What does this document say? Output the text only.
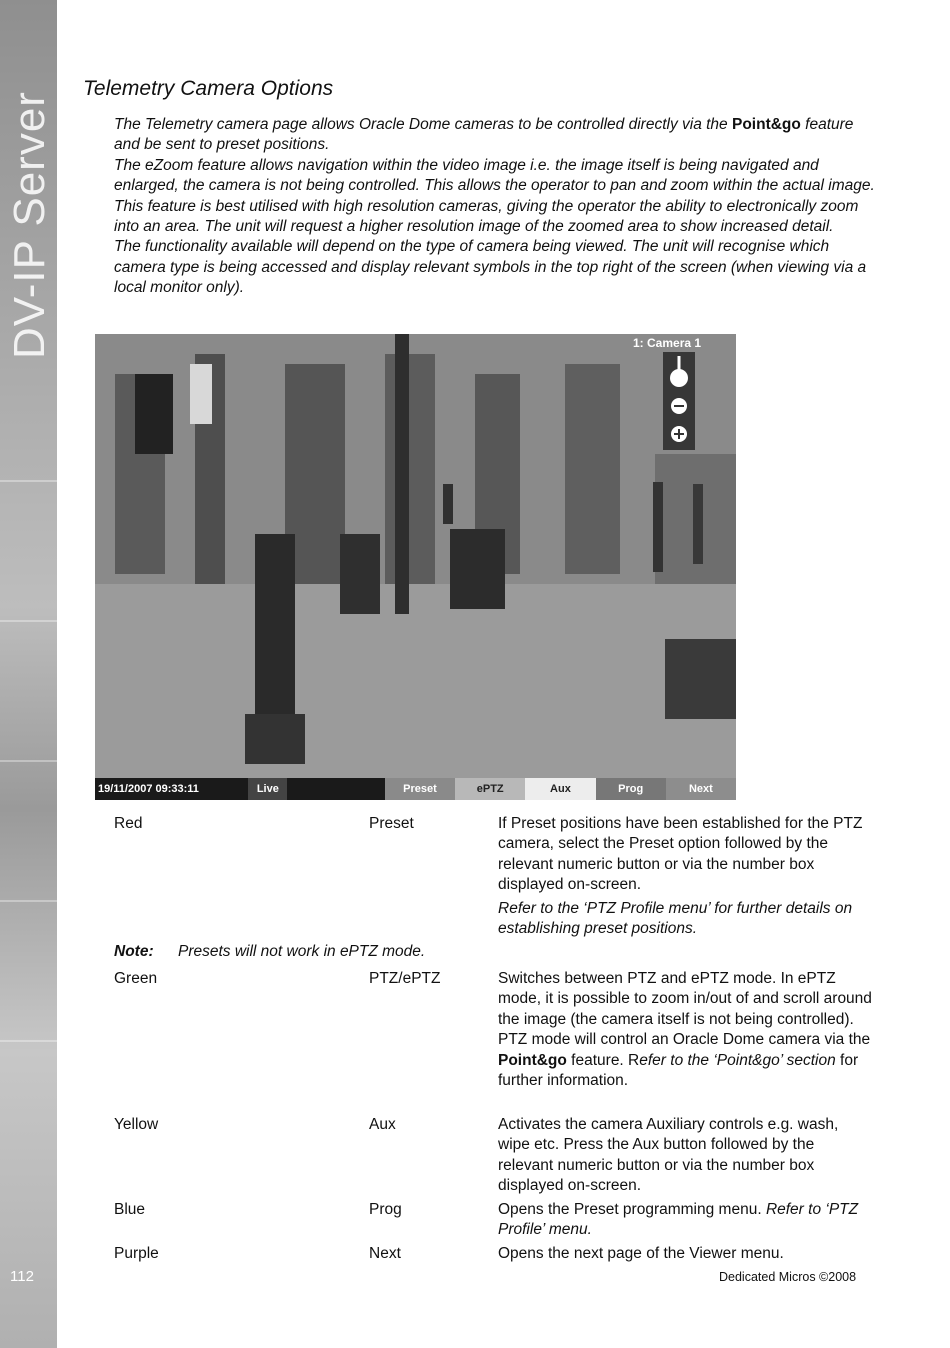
DV-IP Server
112
Telemetry Camera Options

The Telemetry camera page allows Oracle Dome cameras to be controlled directly via the Point&go feature and be sent to preset positions.

The eZoom feature allows navigation within the video image i.e. the image itself is being navigated and enlarged, the camera is not being controlled. This allows the operator to pan and zoom within the actual image. This feature is best utilised with high resolution cameras, giving the operator the ability to electronically zoom into an area. The unit will request a higher resolution image of the zoomed area to show increased detail.

The functionality available will depend on the type of camera being viewed. The unit will recognise which camera type is being accessed and display relevant symbols in the top right of the screen (when viewing via a local monitor only).

1: Camera 1
19/11/2007 09:33:11	Live	Preset	ePTZ	Aux	Prog	Next
Red	Preset	If Preset positions have been established for the PTZ camera, select the Preset option followed by the relevant numeric button or via the number box displayed on-screen.
Refer to the ‘PTZ Profile menu’ for further details on establishing preset positions.
Note: Presets will not work in ePTZ mode.
Green	PTZ/ePTZ	Switches between PTZ and ePTZ mode. In ePTZ mode, it is possible to zoom in/out of and scroll around the image (the camera itself is not being controlled).
PTZ mode will control an Oracle Dome camera via the Point&go feature. Refer to the ‘Point&go’ section for further information.
Yellow	Aux	Activates the camera Auxiliary controls e.g. wash, wipe etc. Press the Aux button followed by the relevant numeric button or via the number box displayed on-screen.
Blue	Prog	Opens the Preset programming menu. Refer to ‘PTZ Profile’ menu.
Purple	Next	Opens the next page of the Viewer menu.
Dedicated Micros ©2008
